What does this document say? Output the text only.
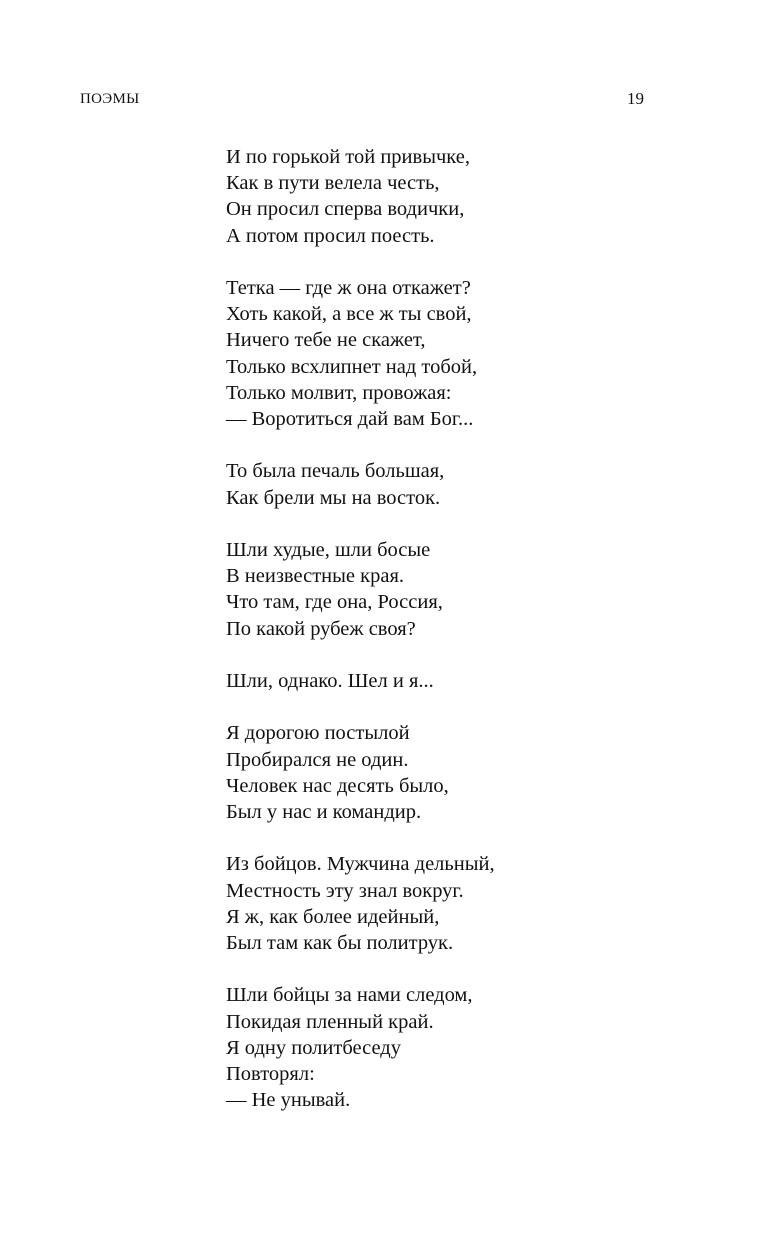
ПОЭМЫ	19
И по горькой той привычке,
Как в пути велела честь,
Он просил сперва водички,
А потом просил поесть.
Тетка — где ж она откажет?
Хоть какой, а все ж ты свой,
Ничего тебе не скажет,
Только всхлипнет над тобой,
Только молвит, провожая:
— Воротиться дай вам Бог...
То была печаль большая,
Как брели мы на восток.
Шли худые, шли босые
В неизвестные края.
Что там, где она, Россия,
По какой рубеж своя?
Шли, однако. Шел и я...
Я дорогою постылой
Пробирался не один.
Человек нас десять было,
Был у нас и командир.
Из бойцов. Мужчина дельный,
Местность эту знал вокруг.
Я ж, как более идейный,
Был там как бы политрук.
Шли бойцы за нами следом,
Покидая пленный край.
Я одну политбеседу
Повторял:
— Не унывай.
